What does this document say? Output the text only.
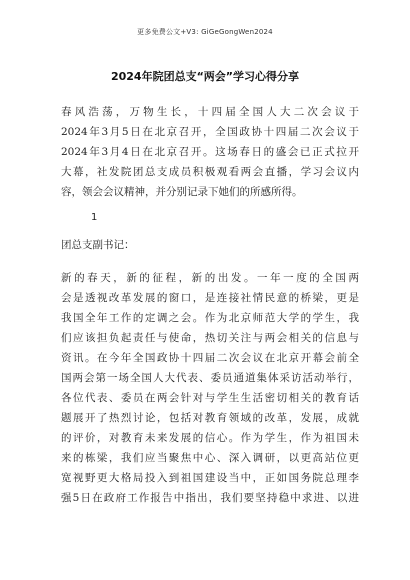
更多免费公文+V3: GiGeGongWen2024
2024年院团总支“两会”学习心得分享
春风浩荡，万物生长，十四届全国人大二次会议于
2024年3月5日在北京召开，全国政协十四届二次会议于
2024年3月4日在北京召开。这场春日的盛会已正式拉开
大幕，社发院团总支成员积极观看两会直播，学习会议内
容，领会会议精神，并分别记录下她们的所感所得。
1
团总支副书记：
新的春天，新的征程，新的出发。一年一度的全国两
会是透视改革发展的窗口，是连接社情民意的桥梁，更是
我国全年工作的定调之会。作为北京师范大学的学生，我
们应该担负起责任与使命，热切关注与两会相关的信息与
资讯。在今年全国政协十四届二次会议在北京开幕会前全
国两会第一场全国人大代表、委员通道集体采访活动举行，
各位代表、委员在两会针对与学生生活密切相关的教育话
题展开了热烈讨论，包括对教育领域的改革，发展，成就
的评价，对教育未来发展的信心。作为学生，作为祖国未
来的栋梁，我们应当聚焦中心、深入调研，以更高站位更
宽视野更大格局投入到祖国建设当中，正如国务院总理李
强5日在政府工作报告中指出，我们要坚持稳中求进、以进
